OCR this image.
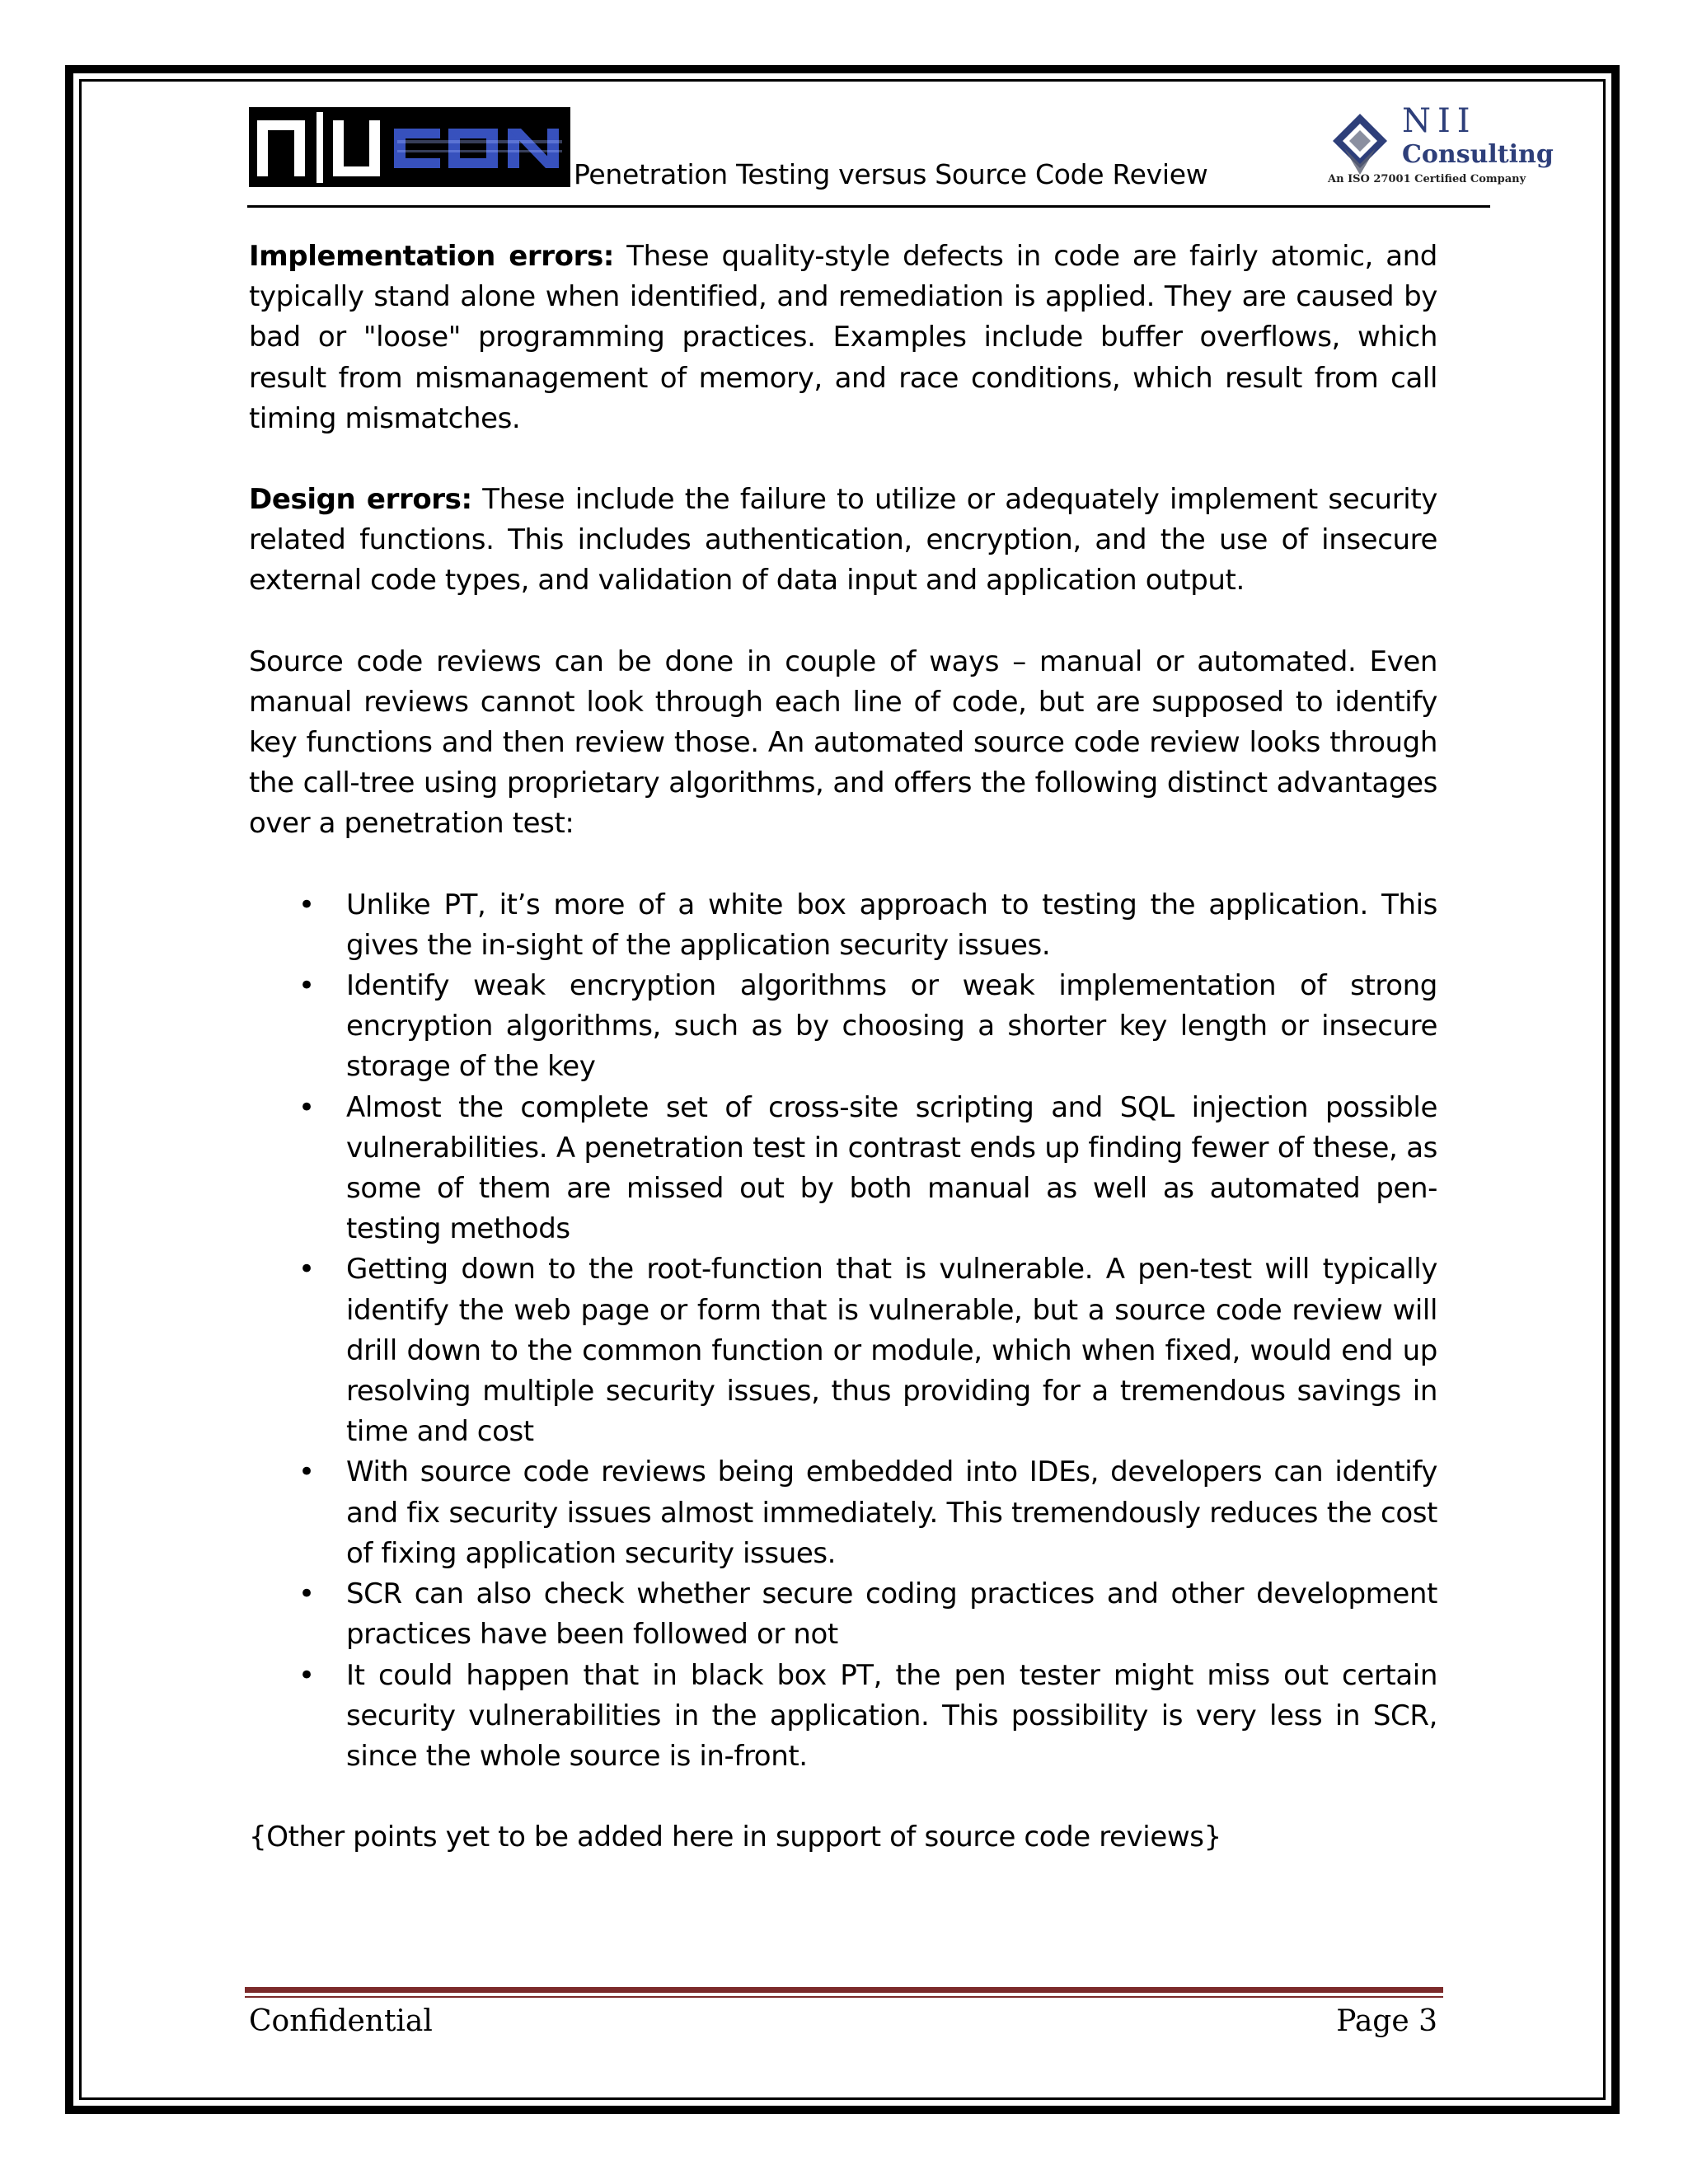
Penetration Testing versus Source Code Review
NII
Consulting
An ISO 27001 Certified Company

Implementation errors: These quality-style defects in code are fairly atomic, and typically stand alone when identified, and remediation is applied. They are caused by bad or "loose" programming practices. Examples include buffer overflows, which result from mismanagement of memory, and race conditions, which result from call timing mismatches.

Design errors: These include the failure to utilize or adequately implement security related functions. This includes authentication, encryption, and the use of insecure external code types, and validation of data input and application output.

Source code reviews can be done in couple of ways – manual or automated. Even manual reviews cannot look through each line of code, but are supposed to identify key functions and then review those. An automated source code review looks through the call-tree using proprietary algorithms, and offers the following distinct advantages over a penetration test:

• Unlike PT, it’s more of a white box approach to testing the application. This gives the in-sight of the application security issues.
• Identify weak encryption algorithms or weak implementation of strong encryption algorithms, such as by choosing a shorter key length or insecure storage of the key
• Almost the complete set of cross-site scripting and SQL injection possible vulnerabilities. A penetration test in contrast ends up finding fewer of these, as some of them are missed out by both manual as well as automated pen-testing methods
• Getting down to the root-function that is vulnerable. A pen-test will typically identify the web page or form that is vulnerable, but a source code review will drill down to the common function or module, which when fixed, would end up resolving multiple security issues, thus providing for a tremendous savings in time and cost
• With source code reviews being embedded into IDEs, developers can identify and fix security issues almost immediately. This tremendously reduces the cost of fixing application security issues.
• SCR can also check whether secure coding practices and other development practices have been followed or not
• It could happen that in black box PT, the pen tester might miss out certain security vulnerabilities in the application. This possibility is very less in SCR, since the whole source is in-front.

{Other points yet to be added here in support of source code reviews}

Confidential	Page 3
